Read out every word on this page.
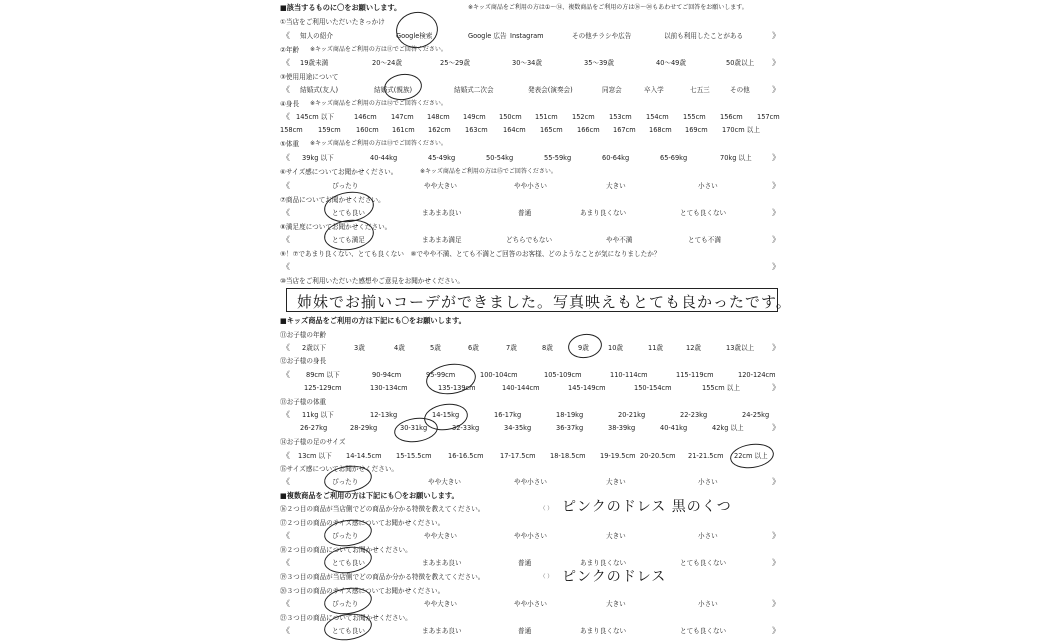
■該当するものに〇をお願いします。	※キッズ商品をご利用の方は①〜⑭、複数商品をご利用の方は⑯〜⑳もあわせてご回答をお願いします。
①当店をご利用いただいたきっかけ
《 知人の紹介	Google検索	Google 広告 Instagram	その他チラシや広告	以前も利用したことがある	》
②年齢 ※キッズ商品をご利用の方は⑪でご回答ください。
《 19歳未満	20〜24歳	25〜29歳	30〜34歳	35〜39歳	40〜49歳	50歳以上 》
③使用用途について
《 結婚式(友人)	結婚式(親族)	結婚式二次会	発表会(演奏会)	同窓会	卒入学	七五三	その他	》
④身長 ※キッズ商品をご利用の方は⑫でご回答ください。
《 145cm 以下	146cm 147cm 148cm 149cm 150cm 151cm 152cm 153cm 154cm 155cm 156cm 157cm
158cm 159cm 160cm 161cm 162cm 163cm 164cm 165cm 166cm 167cm 168cm 169cm 170cm 以上
⑤体重 ※キッズ商品をご利用の方は⑬でご回答ください。
《 39kg 以下	40-44kg	45-49kg	50-54kg	55-59kg	60-64kg	65-69kg	70kg 以上	》
⑥サイズ感についてお聞かせください。	※キッズ商品をご利用の方は⑮でご回答ください。
《	ぴったり	やや大きい	やや小さい	大きい	小さい	》
⑦商品についてお聞かせください。
《	とても良い	まあまあ良い	普通	あまり良くない	とても良くない	》
⑧満足度についてお聞かせください。
《	とても満足	まあまあ満足	どちらでもない	やや不満	とても不満	》
⑨！⑦であまり良くない、とても良くない　⑧でやや不満、とても不満とご回答のお客様、どのようなことが気になりましたか？
《	》
⑩当店をご利用いただいた感想やご意見をお聞かせください。
姉妹でお揃いコーデができました。写真映えもとても良かったです。
■キッズ商品をご利用の方は下記にも〇をお願いします。
⑪お子様の年齢
《 2歳以下	3歳	4歳	5歳	6歳	7歳	8歳	9歳	10歳	11歳	12歳	13歳以上 》
⑫お子様の身長
《 89cm 以下	90-94cm	95-99cm	100-104cm	105-109cm	110-114cm	115-119cm	120-124cm
125-129cm	130-134cm	135-139cm	140-144cm	145-149cm	150-154cm	155cm 以上	》
⑬お子様の体重
《 11kg 以下	12-13kg	14-15kg	16-17kg	18-19kg	20-21kg	22-23kg	24-25kg
26-27kg	28-29kg	30-31kg	32-33kg	34-35kg	36-37kg	38-39kg	40-41kg	42kg 以上	》
⑭お子様の足のサイズ
《 13cm 以下 14-14.5cm 15-15.5cm	16-16.5cm	17-17.5cm 18-18.5cm 19-19.5cm 20-20.5cm 21-21.5cm 22cm 以上
⑮サイズ感についてお聞かせください。
《	ぴったり	やや大きい	やや小さい	大きい	小さい	》
■複数商品をご利用の方は下記にも〇をお願いします。
⑯２つ目の商品が当店側でどの商品か分かる特徴を教えてください。	（ ） ピンクのドレス 黒のくつ
⑰２つ目の商品のサイズ感についてお聞かせください。
《	ぴったり	やや大きい	やや小さい	大きい	小さい	》
⑱２つ目の商品についてお聞かせください。
《	とても良い	まあまあ良い	普通	あまり良くない	とても良くない	》
⑲３つ目の商品が当店側でどの商品か分かる特徴を教えてください。	（ ） ピンクのドレス
⑳３つ目の商品のサイズ感についてお聞かせください。
《	ぴったり	やや大きい	やや小さい	大きい	小さい	》
㉑３つ目の商品についてお聞かせください。
《	とても良い	まあまあ良い	普通	あまり良くない	とても良くない	》
